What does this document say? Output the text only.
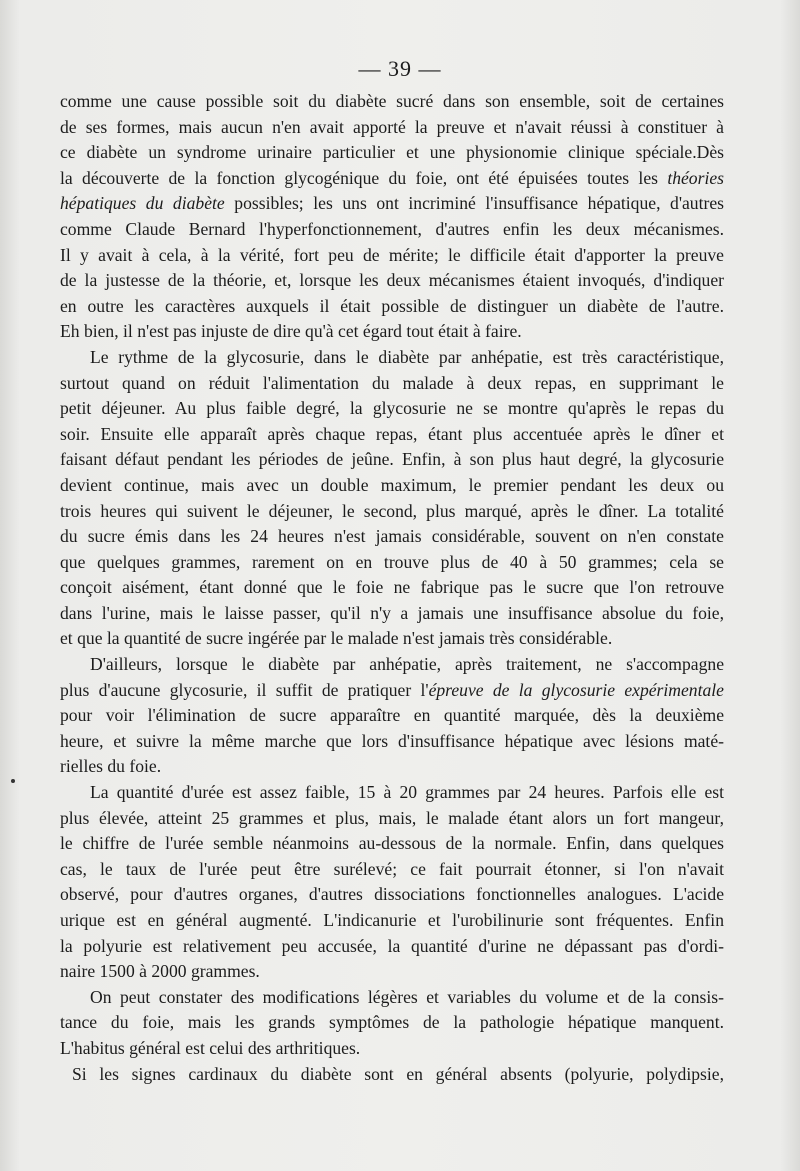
— 39 —
comme une cause possible soit du diabète sucré dans son ensemble, soit de certaines
de ses formes, mais aucun n'en avait apporté la preuve et n'avait réussi à constituer à
ce diabète un syndrome urinaire particulier et une physionomie clinique spéciale.Dès
la découverte de la fonction glycogénique du foie, ont été épuisées toutes les théories
hépatiques du diabète possibles; les uns ont incriminé l'insuffisance hépatique, d'autres
comme Claude Bernard l'hyperfonctionnement, d'autres enfin les deux mécanismes.
Il y avait à cela, à la vérité, fort peu de mérite; le difficile était d'apporter la preuve
de la justesse de la théorie, et, lorsque les deux mécanismes étaient invoqués, d'indiquer
en outre les caractères auxquels il était possible de distinguer un diabète de l'autre.
Eh bien, il n'est pas injuste de dire qu'à cet égard tout était à faire.
Le rythme de la glycosurie, dans le diabète par anhépatie, est très caractéristique,
surtout quand on réduit l'alimentation du malade à deux repas, en supprimant le
petit déjeuner. Au plus faible degré, la glycosurie ne se montre qu'après le repas du
soir. Ensuite elle apparaît après chaque repas, étant plus accentuée après le dîner et
faisant défaut pendant les périodes de jeûne. Enfin, à son plus haut degré, la glycosurie
devient continue, mais avec un double maximum, le premier pendant les deux ou
trois heures qui suivent le déjeuner, le second, plus marqué, après le dîner. La totalité
du sucre émis dans les 24 heures n'est jamais considérable, souvent on n'en constate
que quelques grammes, rarement on en trouve plus de 40 à 50 grammes; cela se
conçoit aisément, étant donné que le foie ne fabrique pas le sucre que l'on retrouve
dans l'urine, mais le laisse passer, qu'il n'y a jamais une insuffisance absolue du foie,
et que la quantité de sucre ingérée par le malade n'est jamais très considérable.
D'ailleurs, lorsque le diabète par anhépatie, après traitement, ne s'accompagne
plus d'aucune glycosurie, il suffit de pratiquer l'épreuve de la glycosurie expérimentale
pour voir l'élimination de sucre apparaître en quantité marquée, dès la deuxième
heure, et suivre la même marche que lors d'insuffisance hépatique avec lésions maté-
rielles du foie.
La quantité d'urée est assez faible, 15 à 20 grammes par 24 heures. Parfois elle est
plus élevée, atteint 25 grammes et plus, mais, le malade étant alors un fort mangeur,
le chiffre de l'urée semble néanmoins au-dessous de la normale. Enfin, dans quelques
cas, le taux de l'urée peut être surélevé; ce fait pourrait étonner, si l'on n'avait
observé, pour d'autres organes, d'autres dissociations fonctionnelles analogues. L'acide
urique est en général augmenté. L'indicanurie et l'urobilinurie sont fréquentes. Enfin
la polyurie est relativement peu accusée, la quantité d'urine ne dépassant pas d'ordi-
naire 1500 à 2000 grammes.
On peut constater des modifications légères et variables du volume et de la consis-
tance du foie, mais les grands symptômes de la pathologie hépatique manquent.
L'habitus général est celui des arthritiques.
Si les signes cardinaux du diabète sont en général absents (polyurie, polydipsie,
